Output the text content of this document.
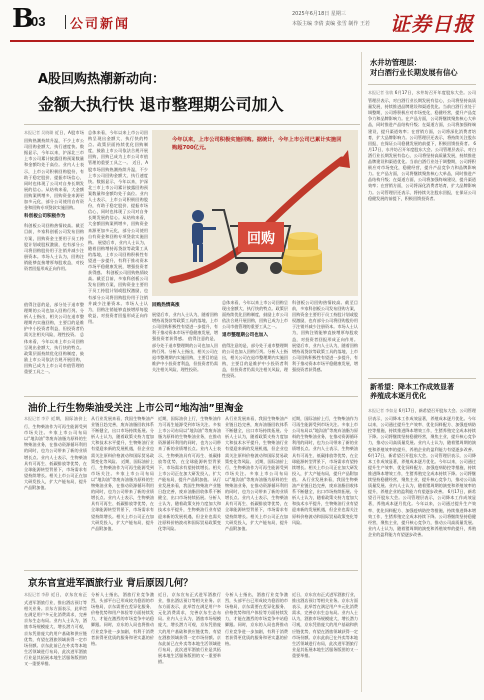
B
03 公司新闻
2025年6月18日 星期三
本版主编 李倩 责编 张雪 制作 王若 证券日报
A股回购热潮新动向：
金额大执行快 退市整理期公司加入
本报记者 吴晓璐 近日，A股市场回购热潮持续升温，不少上市公司回购金额大、执行速度快。数据显示，今年以来，沪深北三市上市公司累计披露回购预案数量和金额均处于高位。业内人士表示，上市公司积极回购股份，有助于稳定股价、提振市场信心，同时也体现了公司对自身长期发展的信心。从结构来看，大金额回购案例增多，回购资金来源更加多元化，部分公司使用自有资金和回购专项贷款实施回购。
科创板公司积极作为
科创板公司回购热情较高。截至目前，多家科创板公司发布回购方案，回购资金主要用于员工持股计划或股权激励，也有部分公司将回购股份用于注销并减少注册资本。市场人士认为，回购注销能够直接增厚每股收益，对投资者回报形成正向作用。
总体来看，今年以来上市公司回购呈现出金额大、执行快的特点。政策层面持续优化回购制度，鼓励上市公司依法合规开展回购，回购已成为上市公司市值管理的重要工具之一。 近日，A股市场回购热潮持续升温，不少上市公司回购金额大、执行速度快。数据显示，今年以来，沪深北三市上市公司累计披露回购预案数量和金额均处于高位。业内人士表示，上市公司积极回购股份，有助于稳定股价、提振市场信心，同时也体现了公司对自身长期发展的信心。从结构来看，大金额回购案例增多，回购资金来源更加多元化，部分公司使用自有资金和回购专项贷款实施回购。 展望后市，业内人士认为，随着回购增持再贷款等政策工具的落地，上市公司回购积极性有望进一步提升，有利于推动资本市场平稳健康发展，增强投资者获得感。 科创板公司回购热情较高。截至目前，多家科创板公司发布回购方案，回购资金主要用于员工持股计划或股权激励，也有部分公司将回购股份用于注销并减少注册资本。市场人士认为，回购注销能够直接增厚每股收益，对投资者回报形成正向作用。
值得注意的是，部分处于退市整理期的公司也加入回购行列。分析人士指出，相关公司在退市整理期内实施回购，主要目的是维护中小投资者利益，但投资者仍需关注相关风险，理性投资。 总体来看，今年以来上市公司回购呈现出金额大、执行快的特点。政策层面持续优化回购制度，鼓励上市公司依法合规开展回购，回购已成为上市公司市值管理的重要工具之一。
回购
今年以来，上市公司积极实施回购。据统计，今年上市公司已累计实施回购超700亿元。
回购热情高涨
展望后市，业内人士认为，随着回购增持再贷款等政策工具的落地，上市公司回购积极性有望进一步提升，有利于推动资本市场平稳健康发展，增强投资者获得感。 值得注意的是，部分处于退市整理期的公司也加入回购行列。分析人士指出，相关公司在退市整理期内实施回购，主要目的是维护中小投资者利益，但投资者仍需关注相关风险，理性投资。
总体来看，今年以来上市公司回购呈现出金额大、执行快的特点。政策层面持续优化回购制度，鼓励上市公司依法合规开展回购，回购已成为上市公司市值管理的重要工具之一。
退市整理期公司也加入
值得注意的是，部分处于退市整理期的公司也加入回购行列。分析人士指出，相关公司在退市整理期内实施回购，主要目的是维护中小投资者利益，但投资者仍需关注相关风险，理性投资。
科创板公司回购热情较高。截至目前，多家科创板公司发布回购方案，回购资金主要用于员工持股计划或股权激励，也有部分公司将回购股份用于注销并减少注册资本。市场人士认为，回购注销能够直接增厚每股收益，对投资者回报形成正向作用。 展望后市，业内人士认为，随着回购增持再贷款等政策工具的落地，上市公司回购积极性有望进一步提升，有利于推动资本市场平稳健康发展，增强投资者获得感。
水井坊管理层：
对白酒行业长期发展有信心
本报记者 张敏 6月17日，水井坊召开年度股东大会。公司管理层表示，对白酒行业长期发展有信心，公司将坚持高质量发展，持续推进品牌建设和渠道优化。当前白酒行业处于调整期，公司将积极应对市场变化，稳健经营，提升产品竞争力和品牌影响力。在产品方面，公司将继续聚焦核心大单品，同时推进产品结构升级；在渠道方面，公司将加强终端建设，提升渠道效率；在营销方面，公司将深化消费者培育，扩大品牌影响力。公司管理层还表示，将持续关注股东回报，在保证公司稳健发展的前提下，积极回馈投资者。 6月17日，水井坊召开年度股东大会。公司管理层表示，对白酒行业长期发展有信心，公司将坚持高质量发展，持续推进品牌建设和渠道优化。当前白酒行业处于调整期，公司将积极应对市场变化，稳健经营，提升产品竞争力和品牌影响力。在产品方面，公司将继续聚焦核心大单品，同时推进产品结构升级；在渠道方面，公司将加强终端建设，提升渠道效率；在营销方面，公司将深化消费者培育，扩大品牌影响力。公司管理层还表示，将持续关注股东回报，在保证公司稳健发展的前提下，积极回馈投资者。
新希望：降本工作成效显著
养殖成本逐月优化
本报记者 李如是 6月17日，新希望召开股东大会。公司管理层表示，公司降本工作成效显著，养殖成本逐月优化。今年以来，公司通过提升生产效率、优化饲料配方、加强疫病防控等措施，持续推进降本增效工作，生猪养殖完全成本持续下降。公司将继续坚持稳健经营，聚焦主业，提升核心竞争力，推动公司高质量发展。业内人士认为，随着猪周期的演变和养殖效率的提升，养殖企业的盈利能力有望逐步改善。 6月17日，新希望召开股东大会。公司管理层表示，公司降本工作成效显著，养殖成本逐月优化。今年以来，公司通过提升生产效率、优化饲料配方、加强疫病防控等措施，持续推进降本增效工作，生猪养殖完全成本持续下降。公司将继续坚持稳健经营，聚焦主业，提升核心竞争力，推动公司高质量发展。业内人士认为，随着猪周期的演变和养殖效率的提升，养殖企业的盈利能力有望逐步改善。 6月17日，新希望召开股东大会。公司管理层表示，公司降本工作成效显著，养殖成本逐月优化。今年以来，公司通过提升生产效率、优化饲料配方、加强疫病防控等措施，持续推进降本增效工作，生猪养殖完全成本持续下降。公司将继续坚持稳健经营，聚焦主业，提升核心竞争力，推动公司高质量发展。业内人士认为，随着猪周期的演变和养殖效率的提升，养殖企业的盈利能力有望逐步改善。
油价上行生物柴油受关注 上市公司“地沟油”里淘金
本报记者 李乔 近期，国际油价上行，生物柴油作为可再生能源受到市场关注。多家上市公司布局以“地沟油”等废弃油脂为原料的生物柴油业务，在推动资源循环利用的同时，也为公司带来了新的业绩增长点。业内人士表示，生物柴油具有可再生、低碳排放等优势，在全球能源转型背景下，市场需求有望持续增长。相关上市公司正在加大研发投入，扩大产能布局，提升产品附加值。
从行业发展来看，我国生物柴油产业链日趋完善，废弃油脂回收体系不断健全，出口市场持续拓展。分析人士认为，随着政策支持力度加大和技术水平提升，生物柴油行业有望迎来新的发展机遇，但企业也需关注原料价格波动和国际贸易政策变化等风险。 近期，国际油价上行，生物柴油作为可再生能源受到市场关注。多家上市公司布局以“地沟油”等废弃油脂为原料的生物柴油业务，在推动资源循环利用的同时，也为公司带来了新的业绩增长点。业内人士表示，生物柴油具有可再生、低碳排放等优势，在全球能源转型背景下，市场需求有望持续增长。相关上市公司正在加大研发投入，扩大产能布局，提升产品附加值。
近期，国际油价上行，生物柴油作为可再生能源受到市场关注。多家上市公司布局以“地沟油”等废弃油脂为原料的生物柴油业务，在推动资源循环利用的同时，也为公司带来了新的业绩增长点。业内人士表示，生物柴油具有可再生、低碳排放等优势，在全球能源转型背景下，市场需求有望持续增长。相关上市公司正在加大研发投入，扩大产能布局，提升产品附加值。 从行业发展来看，我国生物柴油产业链日趋完善，废弃油脂回收体系不断健全，出口市场持续拓展。分析人士认为，随着政策支持力度加大和技术水平提升，生物柴油行业有望迎来新的发展机遇，但企业也需关注原料价格波动和国际贸易政策变化等风险。
从行业发展来看，我国生物柴油产业链日趋完善，废弃油脂回收体系不断健全，出口市场持续拓展。分析人士认为，随着政策支持力度加大和技术水平提升，生物柴油行业有望迎来新的发展机遇，但企业也需关注原料价格波动和国际贸易政策变化等风险。 近期，国际油价上行，生物柴油作为可再生能源受到市场关注。多家上市公司布局以“地沟油”等废弃油脂为原料的生物柴油业务，在推动资源循环利用的同时，也为公司带来了新的业绩增长点。业内人士表示，生物柴油具有可再生、低碳排放等优势，在全球能源转型背景下，市场需求有望持续增长。相关上市公司正在加大研发投入，扩大产能布局，提升产品附加值。
近期，国际油价上行，生物柴油作为可再生能源受到市场关注。多家上市公司布局以“地沟油”等废弃油脂为原料的生物柴油业务，在推动资源循环利用的同时，也为公司带来了新的业绩增长点。业内人士表示，生物柴油具有可再生、低碳排放等优势，在全球能源转型背景下，市场需求有望持续增长。相关上市公司正在加大研发投入，扩大产能布局，提升产品附加值。 从行业发展来看，我国生物柴油产业链日趋完善，废弃油脂回收体系不断健全，出口市场持续拓展。分析人士认为，随着政策支持力度加大和技术水平提升，生物柴油行业有望迎来新的发展机遇，但企业也需关注原料价格波动和国际贸易政策变化等风险。
京东官宣进军酒旅行业 背后原因几何？
本报记者 李静 近日，京东宣布正式进军酒旅行业，推出酒店预订等相关业务。京东方面表示，此举旨在满足用户多元化消费需求，完善京东生态布局。业内人士认为，酒旅市场规模庞大，增长潜力可观，京东凭借庞大的用户基础和供应链优势，有望在酒旅领域获得一定市场份额。京东此前已在外卖等本地生活领域进行布局，此次进军酒旅行业是其拓展本地生活服务版图的又一重要举措。
分析人士指出，酒旅行业竞争激烈，头部平台已形成较为稳固的市场格局，京东需要在差异化服务、价格优势和用户体验等方面持续发力，才能在激烈的市场竞争中站稳脚跟。同时，京东的入局也将推动行业竞争进一步加剧，有利于消费者获得更优质的服务和更实惠的价格。
近日，京东宣布正式进军酒旅行业，推出酒店预订等相关业务。京东方面表示，此举旨在满足用户多元化消费需求，完善京东生态布局。业内人士认为，酒旅市场规模庞大，增长潜力可观，京东凭借庞大的用户基础和供应链优势，有望在酒旅领域获得一定市场份额。京东此前已在外卖等本地生活领域进行布局，此次进军酒旅行业是其拓展本地生活服务版图的又一重要举措。
分析人士指出，酒旅行业竞争激烈，头部平台已形成较为稳固的市场格局，京东需要在差异化服务、价格优势和用户体验等方面持续发力，才能在激烈的市场竞争中站稳脚跟。同时，京东的入局也将推动行业竞争进一步加剧，有利于消费者获得更优质的服务和更实惠的价格。
近日，京东宣布正式进军酒旅行业，推出酒店预订等相关业务。京东方面表示，此举旨在满足用户多元化消费需求，完善京东生态布局。业内人士认为，酒旅市场规模庞大，增长潜力可观，京东凭借庞大的用户基础和供应链优势，有望在酒旅领域获得一定市场份额。京东此前已在外卖等本地生活领域进行布局，此次进军酒旅行业是其拓展本地生活服务版图的又一重要举措。
